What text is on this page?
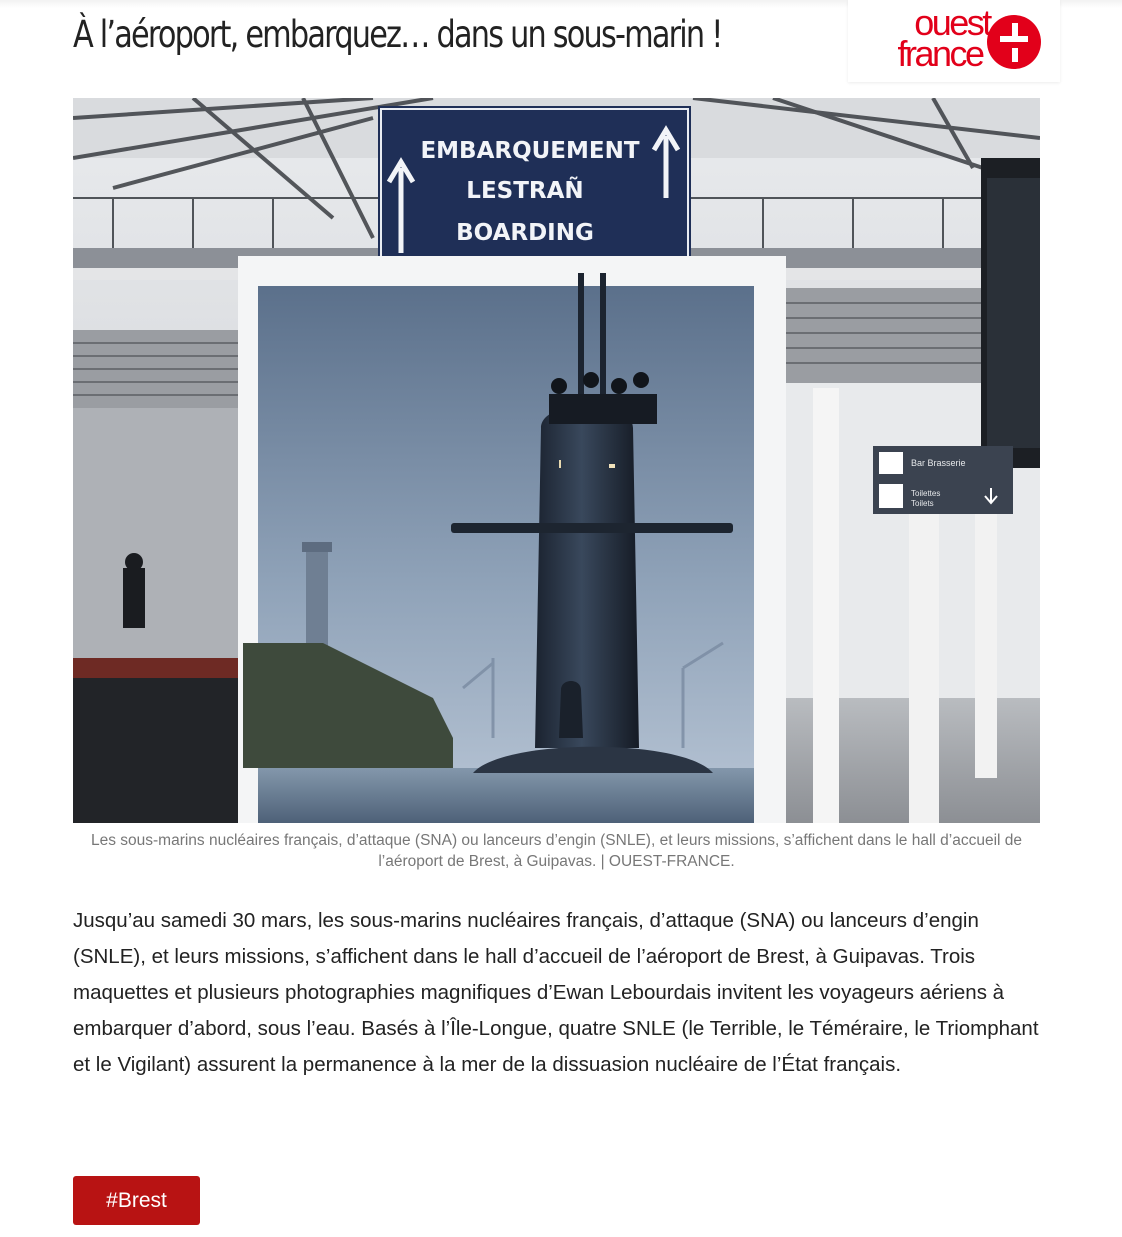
À l’aéroport, embarquez… dans un sous-marin !	ouest
france
Bar Brasserie
Toilettes
Toilets
EMBARQUEMENT
LESTRAÑ
BOARDING

Les sous-marins nucléaires français, d’attaque (SNA) ou lanceurs d’engin (SNLE), et leurs missions, s’affichent dans le hall d’accueil de l’aéroport de Brest, à Guipavas. | OUEST-FRANCE.

Jusqu’au samedi 30 mars, les sous-marins nucléaires français, d’attaque (SNA) ou lanceurs d’engin (SNLE), et leurs missions, s’affichent dans le hall d’accueil de l’aéroport de Brest, à Guipavas. Trois maquettes et plusieurs photographies magnifiques d’Ewan Lebourdais invitent les voyageurs aériens à embarquer d’abord, sous l’eau. Basés à l’Île-Longue, quatre SNLE (le Terrible, le Téméraire, le Triomphant et le Vigilant) assurent la permanence à la mer de la dissuasion nucléaire de l’État français.

#Brest
